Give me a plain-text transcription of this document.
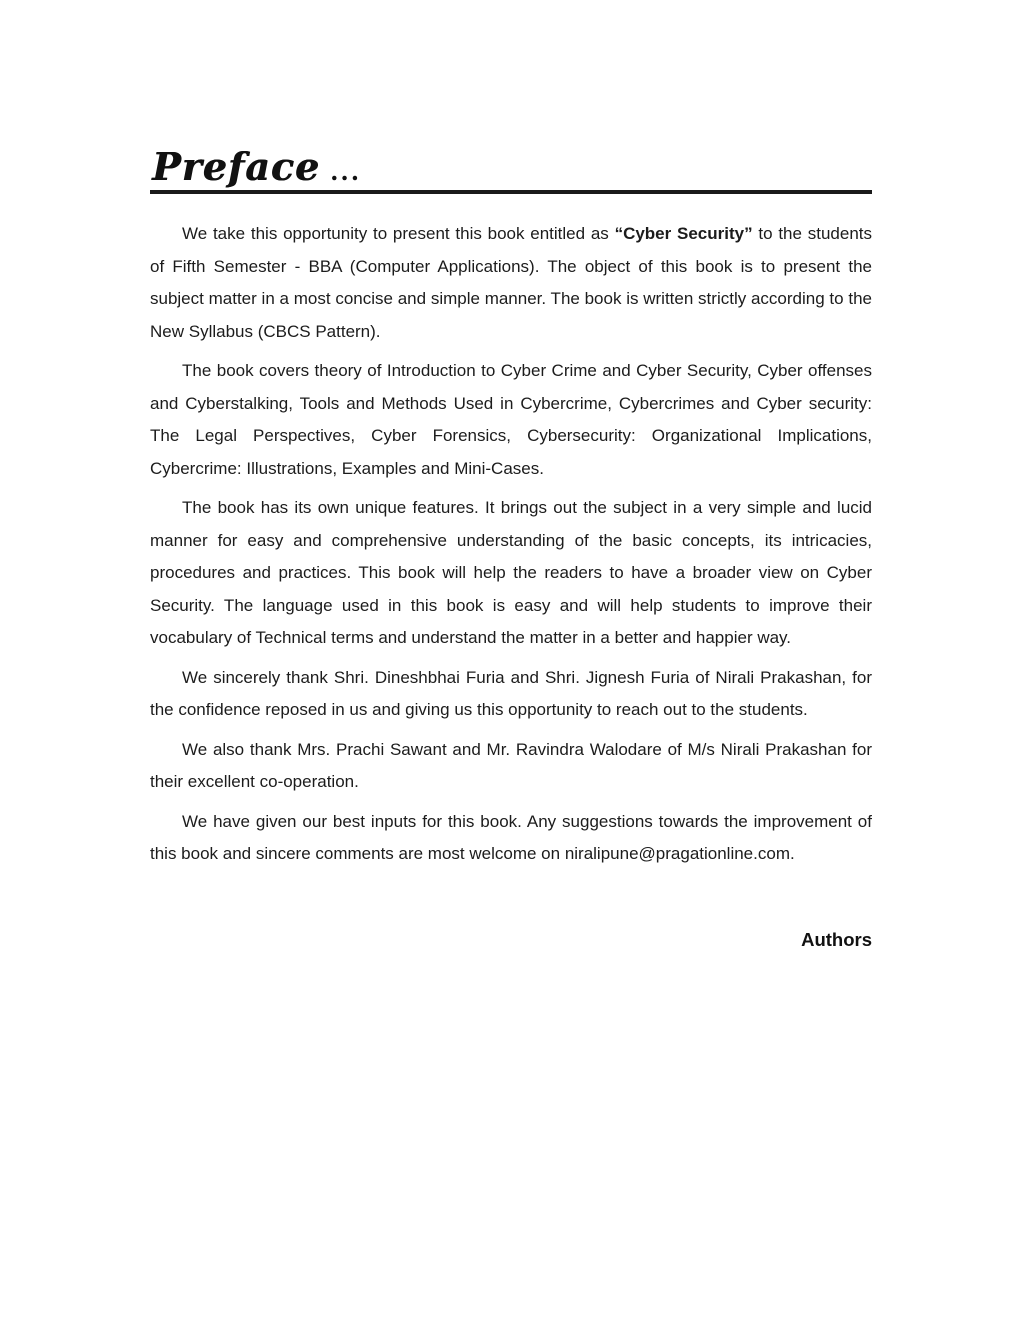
Preface ...

We take this opportunity to present this book entitled as “Cyber Security” to the students of Fifth Semester - BBA (Computer Applications). The object of this book is to present the subject matter in a most concise and simple manner. The book is written strictly according to the New Syllabus (CBCS Pattern).

The book covers theory of Introduction to Cyber Crime and Cyber Security, Cyber offenses and Cyberstalking, Tools and Methods Used in Cybercrime, Cybercrimes and Cyber security: The Legal Perspectives, Cyber Forensics, Cybersecurity: Organizational Implications, Cybercrime: Illustrations, Examples and Mini-Cases.

The book has its own unique features. It brings out the subject in a very simple and lucid manner for easy and comprehensive understanding of the basic concepts, its intricacies, procedures and practices. This book will help the readers to have a broader view on Cyber Security. The language used in this book is easy and will help students to improve their vocabulary of Technical terms and understand the matter in a better and happier way.

We sincerely thank Shri. Dineshbhai Furia and Shri. Jignesh Furia of Nirali Prakashan, for the confidence reposed in us and giving us this opportunity to reach out to the students.

We also thank Mrs. Prachi Sawant and Mr. Ravindra Walodare of M/s Nirali Prakashan for their excellent co-operation.

We have given our best inputs for this book. Any suggestions towards the improvement of this book and sincere comments are most welcome on niralipune@pragationline.com.

Authors
